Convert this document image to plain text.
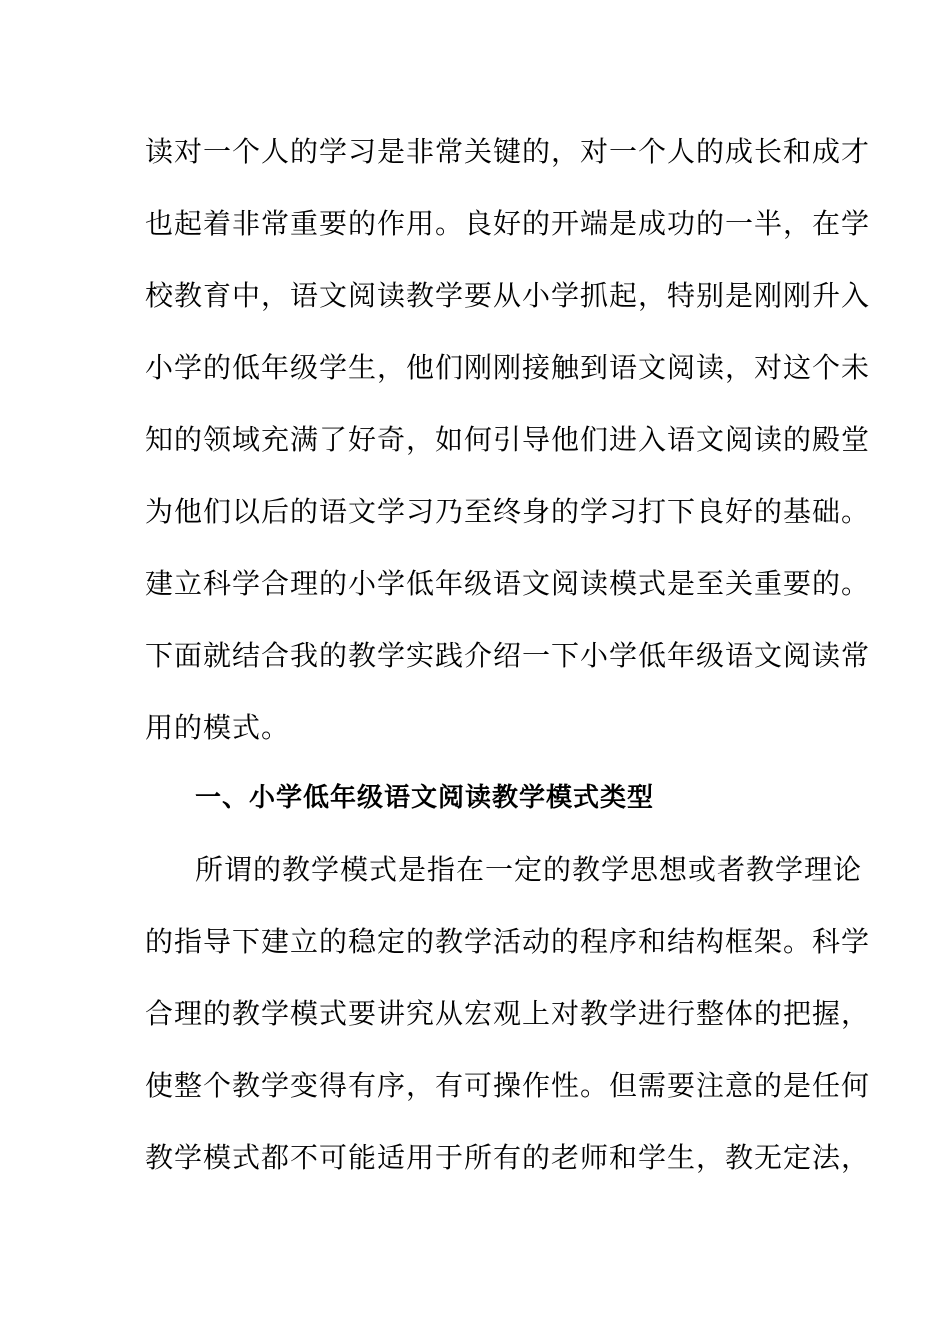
读对一个人的学习是非常关键的，对一个人的成长和成才
也起着非常重要的作用。良好的开端是成功的一半，在学
校教育中，语文阅读教学要从小学抓起，特别是刚刚升入
小学的低年级学生，他们刚刚接触到语文阅读，对这个未
知的领域充满了好奇，如何引导他们进入语文阅读的殿堂
为他们以后的语文学习乃至终身的学习打下良好的基础。
建立科学合理的小学低年级语文阅读模式是至关重要的。
下面就结合我的教学实践介绍一下小学低年级语文阅读常
用的模式。
一、小学低年级语文阅读教学模式类型
所谓的教学模式是指在一定的教学思想或者教学理论
的指导下建立的稳定的教学活动的程序和结构框架。科学
合理的教学模式要讲究从宏观上对教学进行整体的把握，
使整个教学变得有序，有可操作性。但需要注意的是任何
教学模式都不可能适用于所有的老师和学生，教无定法，
